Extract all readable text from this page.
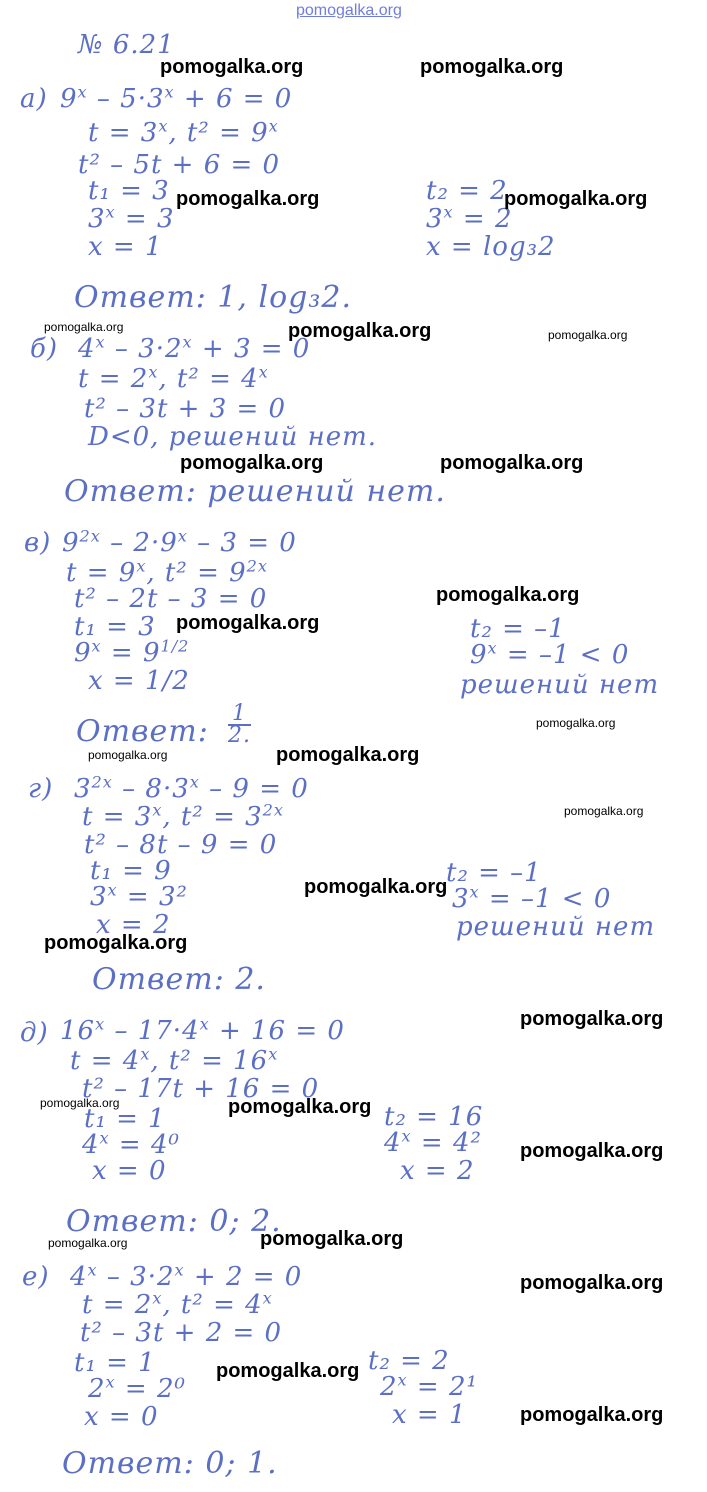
pomogalka.org
№ 6.21
а) $9^x - 5\cdot 3^x + 6 = 0$
$t = 3^x$, $t^2 = 9^x$
t² – 5t + 6 = 0
t₁ = 3
$3^x = 3$
x = 1
t₂ = 2
$3^x = 2$
x = log₃2
Ответ: 1, log₃2.
б) $4^x - 3\cdot 2^x + 3 = 0$
$t = 2^x$, $t^2 = 4^x$
t² – 3t + 3 = 0
D<0, решений нет.
Ответ: решений нет.
в) $9^{2x} - 2\cdot 9^x - 3 = 0$
$t = 9^x$, $t^2 = 9^{2x}$
t² – 2t – 3 = 0
t₁ = 3
$9^x = 9^{1/2}$
x = 1/2
t₂ = –1
$9^x = -1 < 0$
решений нет
Ответ: $\frac{1}{2.}$
г) $3^{2x} - 8\cdot 3^x - 9 = 0$
$t = 3^x$, $t^2 = 3^{2x}$
t² – 8t – 9 = 0
t₁ = 9
$3^x = 3^2$
x = 2
t₂ = –1
$3^x = -1 < 0$
решений нет
Ответ: 2.
д) $16^x - 17\cdot 4^x + 16 = 0$
$t = 4^x$, $t^2 = 16^x$
t² – 17t + 16 = 0
t₁ = 1
$4^x = 4^0$
x = 0
t₂ = 16
$4^x = 4^2$
x = 2
Ответ: 0; 2.
е) $4^x - 3\cdot 2^x + 2 = 0$
$t = 2^x$, $t^2 = 4^x$
t² – 3t + 2 = 0
t₁ = 1
$2^x = 2^0$
x = 0
t₂ = 2
$2^x = 2^1$
x = 1
Ответ: 0; 1.
pomogalka.org	pomogalka.org
pomogalka.org	pomogalka.org
pomogalka.org	pomogalka.org	pomogalka.org
pomogalka.org	pomogalka.org
pomogalka.org
pomogalka.org
pomogalka.org
pomogalka.org	pomogalka.org
pomogalka.org
pomogalka.org
pomogalka.org
pomogalka.org
pomogalka.org	pomogalka.org
pomogalka.org
pomogalka.org	pomogalka.org
pomogalka.org
pomogalka.org
pomogalka.org
